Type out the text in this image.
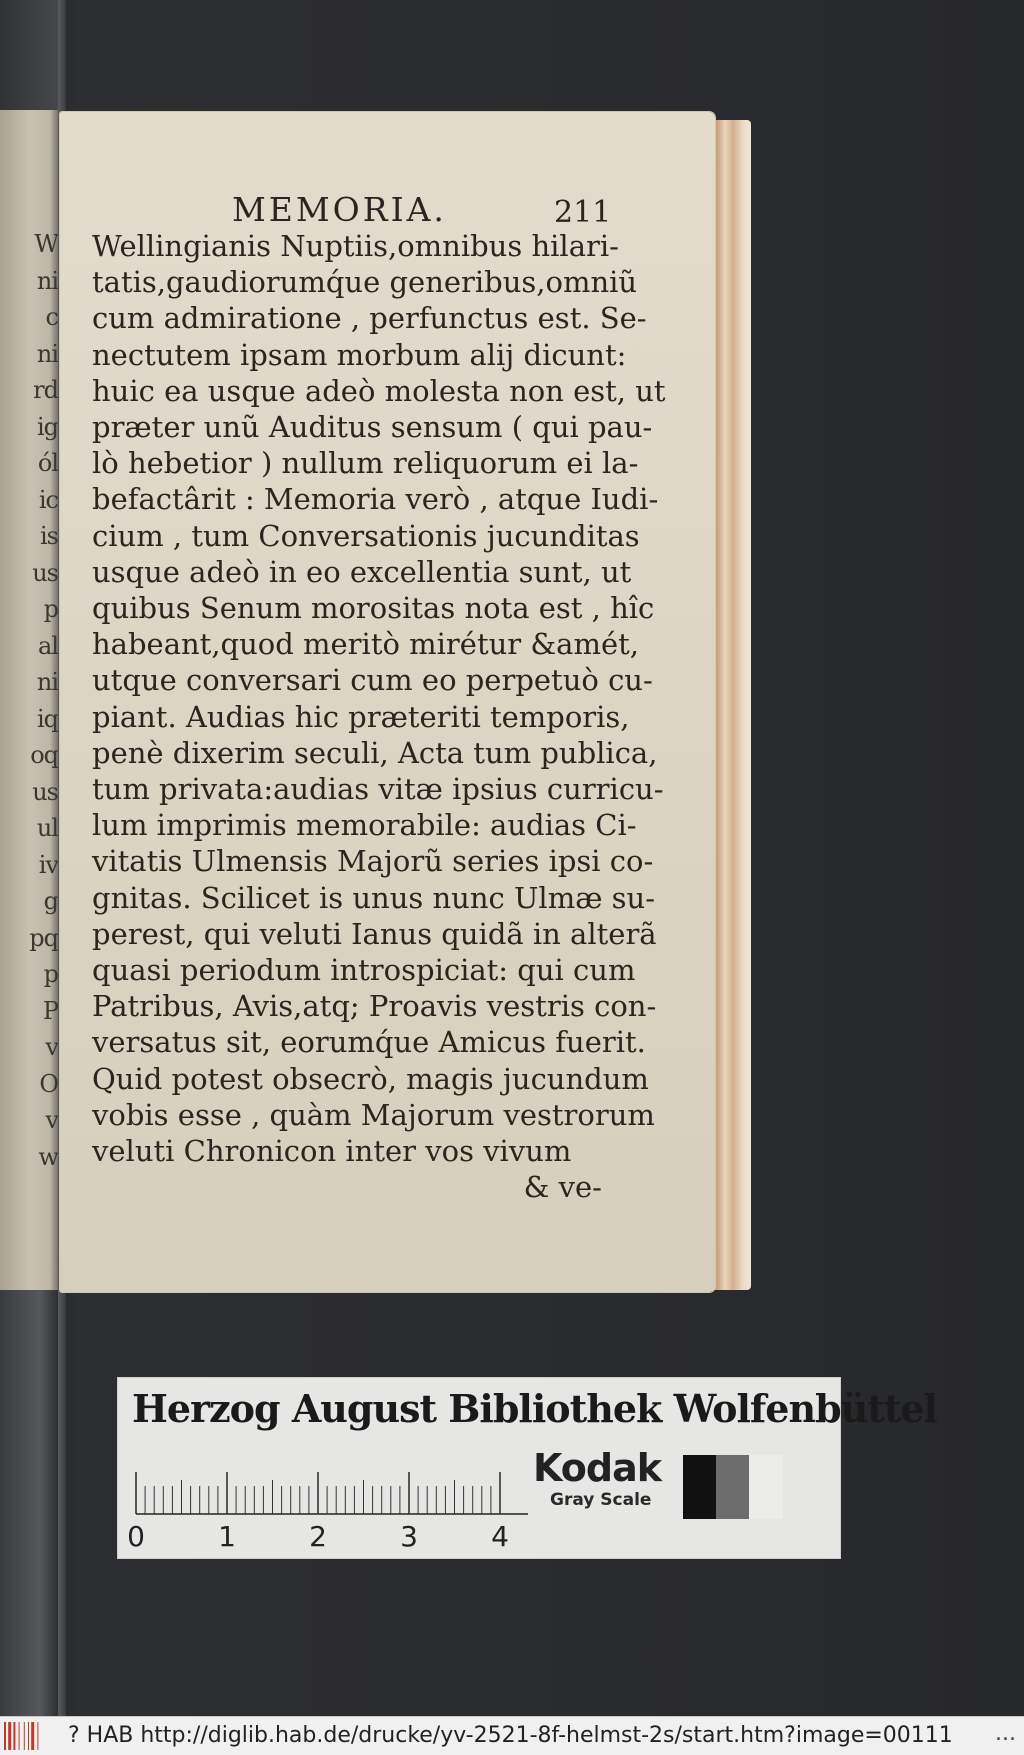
W
ni
c
ni
rd
ig
ól
ic
is
us
p
al
ni
iq
oq
us
ul
iv
g
pq
p
P
v
O
v
w
MEMORIA.	211
Wellingianis Nuptiis,omnibus hilari-
tatis,gaudiorumq́ue generibus,omniũ
cum admiratione , perfunctus est. Se-
nectutem ipsam morbum alij dicunt:
huic ea usque adeò molesta non est, ut
præter unũ Auditus sensum ( qui pau-
lò hebetior ) nullum reliquorum ei la-
befactârit : Memoria verò , atque Iudi-
cium , tum Conversationis jucunditas
usque adeò in eo excellentia sunt, ut
quibus Senum morositas nota est , hîc
habeant,quod meritò mirétur &amét,
utque conversari cum eo perpetuò cu-
piant. Audias hic præteriti temporis,
penè dixerim seculi, Acta tum publica,
tum privata:audias vitæ ipsius curricu-
lum imprimis memorabile: audias Ci-
vitatis Ulmensis Majorũ series ipsi co-
gnitas. Scilicet is unus nunc Ulmæ su-
perest, qui veluti Ianus quidã in alterã
quasi periodum introspiciat: qui cum
Patribus, Avis,atq; Proavis vestris con-
versatus sit, eorumq́ue Amicus fuerit.
Quid potest obsecrò, magis jucundum
vobis esse , quàm Majorum vestrorum
veluti Chronicon inter vos vivum
& ve-
Herzog August Bibliothek Wolfenbüttel
0	1	2	3	4
Kodak
Gray Scale
? HAB http://diglib.hab.de/drucke/yv-2521-8f-helmst-2s/start.htm?image=00111 ...
